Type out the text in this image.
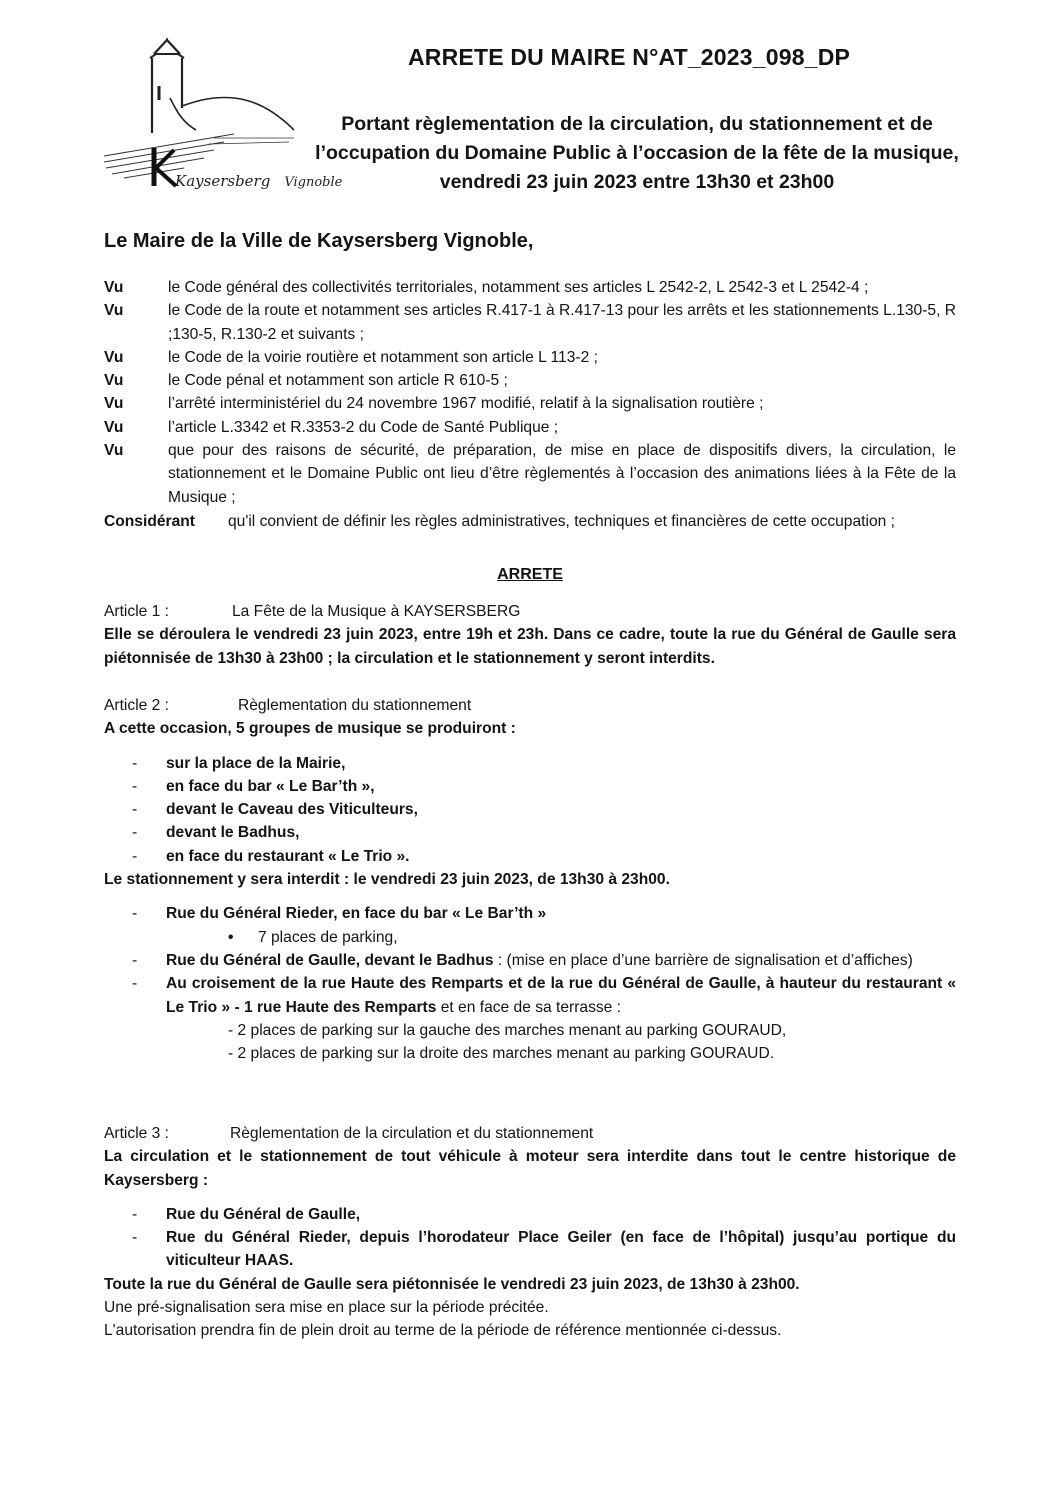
Kaysersberg Vignoble
ARRETE DU MAIRE N°AT_2023_098_DP
Portant règlementation de la circulation, du stationnement et de l’occupation du Domaine Public à l’occasion de la fête de la musique, vendredi 23 juin 2023 entre 13h30 et 23h00
Le Maire de la Ville de Kaysersberg Vignoble,
Vu	le Code général des collectivités territoriales, notamment ses articles L 2542-2, L 2542-3 et L 2542-4 ;
Vu	le Code de la route et notamment ses articles R.417-1 à R.417-13 pour les arrêts et les stationnements L.130-5, R ;130-5, R.130-2 et suivants ;
Vu	le Code de la voirie routière et notamment son article L 113-2 ;
Vu	le Code pénal et notamment son article R 610-5 ;
Vu	l’arrêté interministériel du 24 novembre 1967 modifié, relatif à la signalisation routière ;
Vu	l’article L.3342 et R.3353-2 du Code de Santé Publique ;
Vu	que pour des raisons de sécurité, de préparation, de mise en place de dispositifs divers, la circulation, le stationnement et le Domaine Public ont lieu d’être règlementés à l’occasion des animations liées à la Fête de la Musique ;
Considérant	qu'il convient de définir les règles administratives, techniques et financières de cette occupation ;
ARRETE
Article 1 :	La Fête de la Musique à KAYSERSBERG
Elle se déroulera le vendredi 23 juin 2023, entre 19h et 23h. Dans ce cadre, toute la rue du Général de Gaulle sera piétonnisée de 13h30 à 23h00 ; la circulation et le stationnement y seront interdits.
Article 2 :	Règlementation du stationnement
A cette occasion, 5 groupes de musique se produiront :
- sur la place de la Mairie,
- en face du bar « Le Bar’th »,
- devant le Caveau des Viticulteurs,
- devant le Badhus,
- en face du restaurant « Le Trio ».
Le stationnement y sera interdit : le vendredi 23 juin 2023, de 13h30 à 23h00.
- Rue du Général Rieder, en face du bar « Le Bar’th »
• 7 places de parking,
- Rue du Général de Gaulle, devant le Badhus : (mise en place d’une barrière de signalisation et d’affiches)
- Au croisement de la rue Haute des Remparts et de la rue du Général de Gaulle, à hauteur du restaurant « Le Trio » - 1 rue Haute des Remparts et en face de sa terrasse :
- 2 places de parking sur la gauche des marches menant au parking GOURAUD,
- 2 places de parking sur la droite des marches menant au parking GOURAUD.
Article 3 :	Règlementation de la circulation et du stationnement
La circulation et le stationnement de tout véhicule à moteur sera interdite dans tout le centre historique de Kaysersberg :
- Rue du Général de Gaulle,
- Rue du Général Rieder, depuis l’horodateur Place Geiler (en face de l’hôpital) jusqu’au portique du viticulteur HAAS.
Toute la rue du Général de Gaulle sera piétonnisée le vendredi 23 juin 2023, de 13h30 à 23h00.
Une pré-signalisation sera mise en place sur la période précitée.
L'autorisation prendra fin de plein droit au terme de la période de référence mentionnée ci-dessus.
